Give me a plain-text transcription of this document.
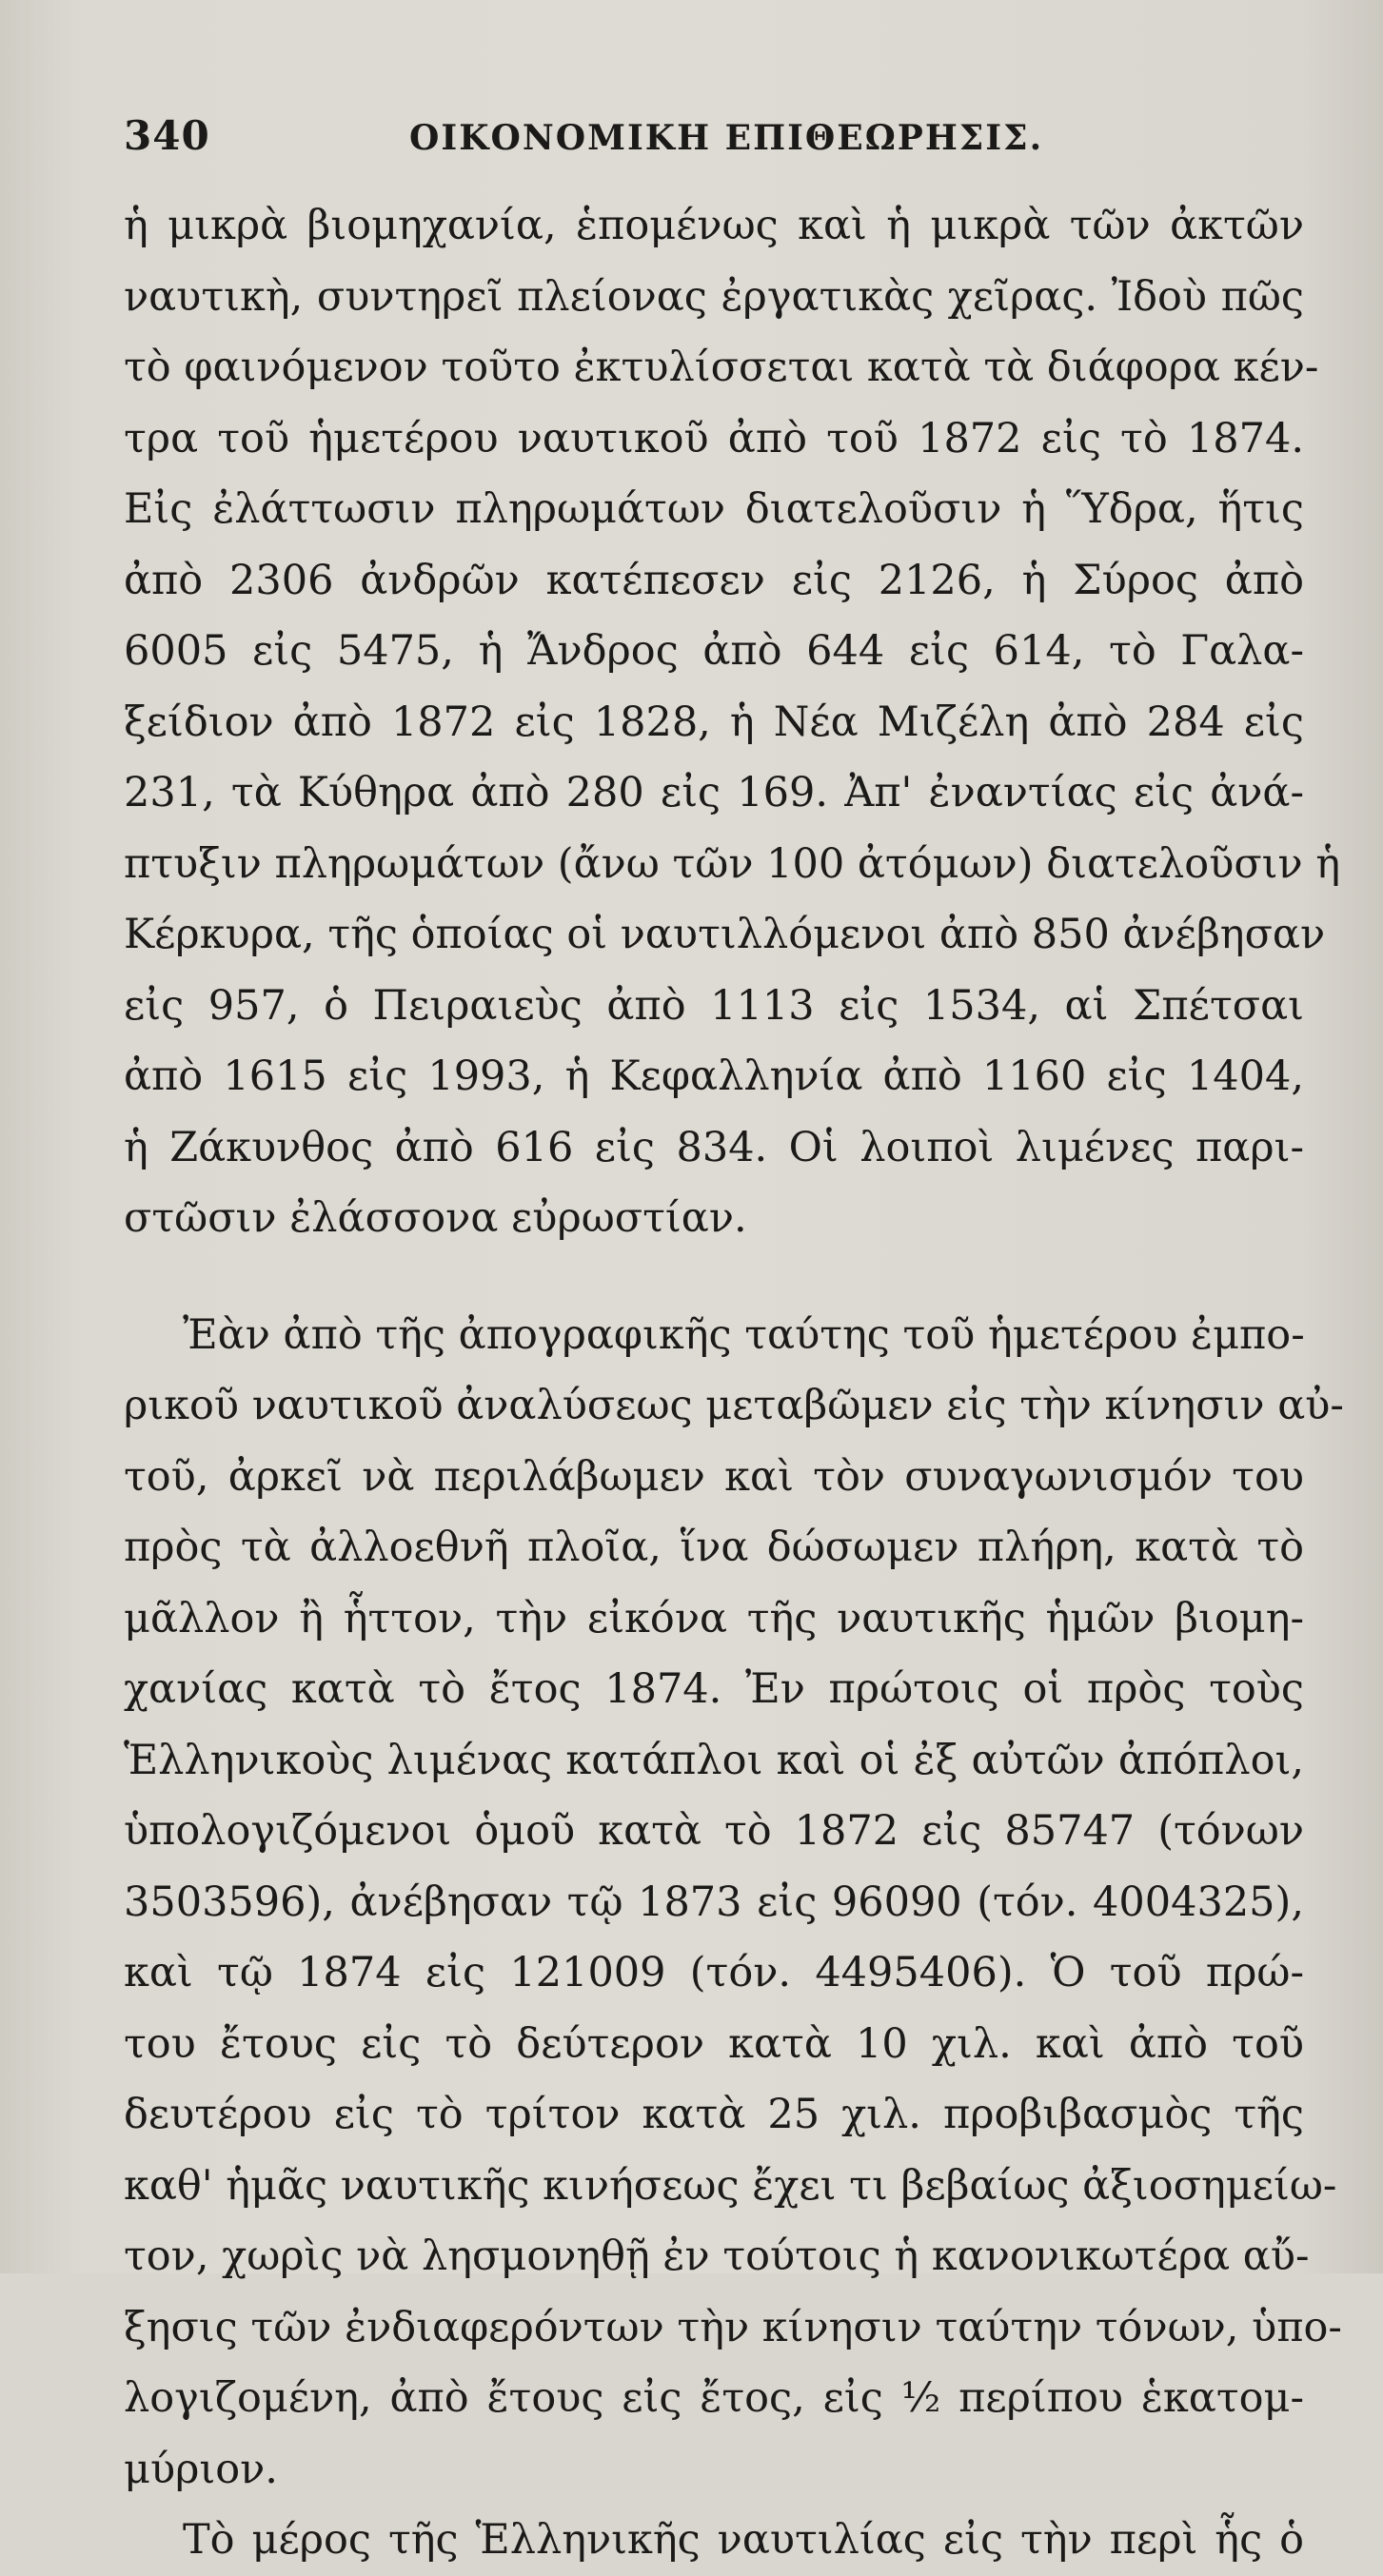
340	ΟΙΚΟΝΟΜΙΚΗ ΕΠΙΘΕΩΡΗΣΙΣ.
ἡ μικρὰ βιομηχανία, ἑπομένως καὶ ἡ μικρὰ τῶν ἀκτῶν
ναυτικὴ, συντηρεῖ πλείονας ἐργατικὰς χεῖρας. Ἰδοὺ πῶς
τὸ φαινόμενον τοῦτο ἐκτυλίσσεται κατὰ τὰ διάφορα κέν-
τρα τοῦ ἡμετέρου ναυτικοῦ ἀπὸ τοῦ 1872 εἰς τὸ 1874.
Εἰς ἐλάττωσιν πληρωμάτων διατελοῦσιν ἡ Ὕδρα, ἥτις
ἀπὸ 2306 ἀνδρῶν κατέπεσεν εἰς 2126, ἡ Σύρος ἀπὸ
6005 εἰς 5475, ἡ Ἄνδρος ἀπὸ 644 εἰς 614, τὸ Γαλα-
ξείδιον ἀπὸ 1872 εἰς 1828, ἡ Νέα Μιζέλη ἀπὸ 284 εἰς
231, τὰ Κύθηρα ἀπὸ 280 εἰς 169. Ἀπ' ἐναντίας εἰς ἀνά-
πτυξιν πληρωμάτων (ἄνω τῶν 100 ἀτόμων) διατελοῦσιν ἡ
Κέρκυρα, τῆς ὁποίας οἱ ναυτιλλόμενοι ἀπὸ 850 ἀνέβησαν
εἰς 957, ὁ Πειραιεὺς ἀπὸ 1113 εἰς 1534, αἱ Σπέτσαι
ἀπὸ 1615 εἰς 1993, ἡ Κεφαλληνία ἀπὸ 1160 εἰς 1404,
ἡ Ζάκυνθος ἀπὸ 616 εἰς 834. Οἱ λοιποὶ λιμένες παρι-
στῶσιν ἐλάσσονα εὐρωστίαν.
Ἐὰν ἀπὸ τῆς ἀπογραφικῆς ταύτης τοῦ ἡμετέρου ἐμπο-
ρικοῦ ναυτικοῦ ἀναλύσεως μεταβῶμεν εἰς τὴν κίνησιν αὐ-
τοῦ, ἀρκεῖ νὰ περιλάβωμεν καὶ τὸν συναγωνισμόν του
πρὸς τὰ ἀλλοεθνῆ πλοῖα, ἵνα δώσωμεν πλήρη, κατὰ τὸ
μᾶλλον ἢ ἧττον, τὴν εἰκόνα τῆς ναυτικῆς ἡμῶν βιομη-
χανίας κατὰ τὸ ἔτος 1874. Ἐν πρώτοις οἱ πρὸς τοὺς
Ἑλληνικοὺς λιμένας κατάπλοι καὶ οἱ ἐξ αὐτῶν ἀπόπλοι,
ὑπολογιζόμενοι ὁμοῦ κατὰ τὸ 1872 εἰς 85747 (τόνων
3503596), ἀνέβησαν τῷ 1873 εἰς 96090 (τόν. 4004325),
καὶ τῷ 1874 εἰς 121009 (τόν. 4495406). Ὁ τοῦ πρώ-
του ἔτους εἰς τὸ δεύτερον κατὰ 10 χιλ. καὶ ἀπὸ τοῦ
δευτέρου εἰς τὸ τρίτον κατὰ 25 χιλ. προβιβασμὸς τῆς
καθ' ἡμᾶς ναυτικῆς κινήσεως ἔχει τι βεβαίως ἀξιοσημείω-
τον, χωρὶς νὰ λησμονηθῇ ἐν τούτοις ἡ κανονικωτέρα αὔ-
ξησις τῶν ἐνδιαφερόντων τὴν κίνησιν ταύτην τόνων, ὑπο-
λογιζομένη, ἀπὸ ἔτους εἰς ἔτος, εἰς ½ περίπου ἑκατομ-
μύριον.
Τὸ μέρος τῆς Ἑλληνικῆς ναυτιλίας εἰς τὴν περὶ ἧς ὁ
